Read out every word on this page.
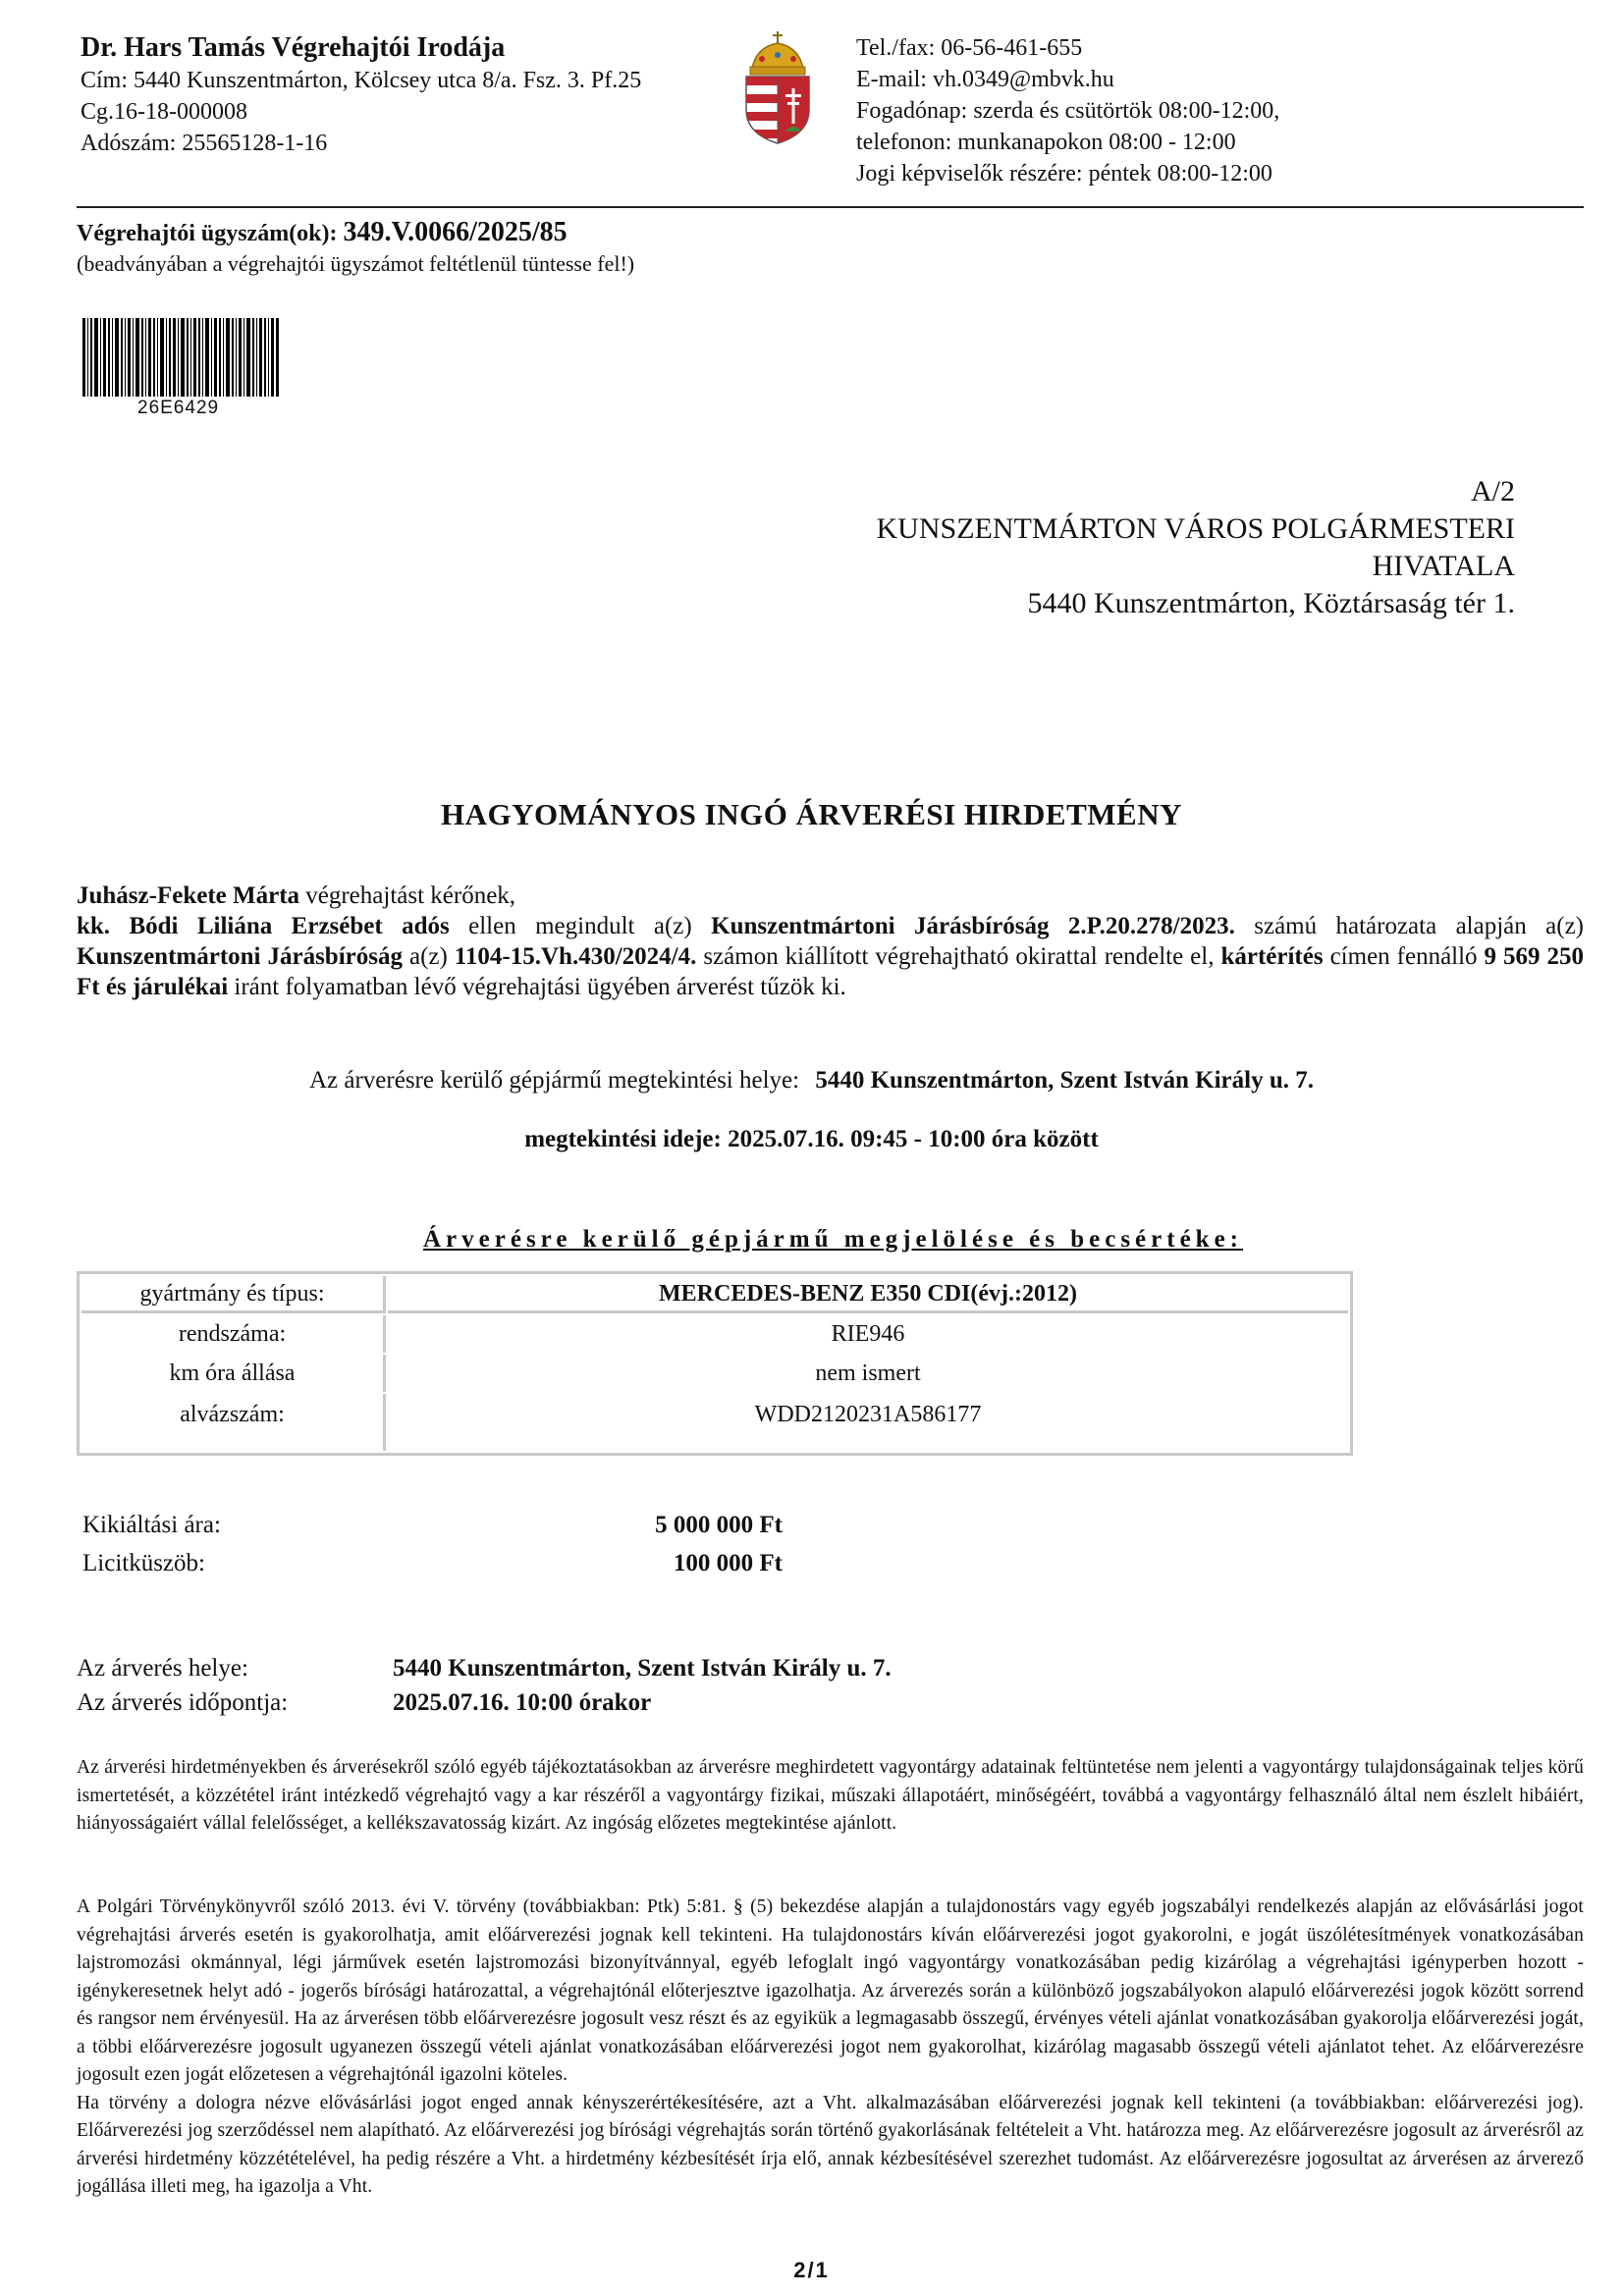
Dr. Hars Tamás Végrehajtói Irodája
Cím: 5440 Kunszentmárton, Kölcsey utca 8/a. Fsz. 3. Pf.25
Cg.16-18-000008
Adószám: 25565128-1-16
Tel./fax: 06-56-461-655
E-mail: vh.0349@mbvk.hu
Fogadónap: szerda és csütörtök 08:00-12:00,
telefonon: munkanapokon 08:00 - 12:00
Jogi képviselők részére: péntek 08:00-12:00
Végrehajtói ügyszám(ok): 349.V.0066/2025/85
(beadványában a végrehajtói ügyszámot feltétlenül tüntesse fel!)
26E6429
A/2
KUNSZENTMÁRTON VÁROS POLGÁRMESTERI
HIVATALA
5440 Kunszentmárton, Köztársaság tér 1.
HAGYOMÁNYOS INGÓ ÁRVERÉSI HIRDETMÉNY
Juhász-Fekete Márta végrehajtást kérőnek,
kk. Bódi Liliána Erzsébet adós ellen megindult a(z) Kunszentmártoni Járásbíróság 2.P.20.278/2023. számú határozata alapján a(z) Kunszentmártoni Járásbíróság a(z) 1104-15.Vh.430/2024/4. számon kiállított végrehajtható okirattal rendelte el, kártérítés címen fennálló 9 569 250 Ft és járulékai iránt folyamatban lévő végrehajtási ügyében árverést tűzök ki.
Az árverésre kerülő gépjármű megtekintési helye: 5440 Kunszentmárton, Szent István Király u. 7.
megtekintési ideje: 2025.07.16. 09:45 - 10:00 óra között
Árverésre kerülő gépjármű megjelölése és becsértéke:
gyártmány és típus:	MERCEDES-BENZ E350 CDI(évj.:2012)
rendszáma:	RIE946
km óra állása	nem ismert
alvázszám:	WDD2120231A586177
Kikiáltási ára:	5 000 000 Ft
Licitküszöb:	100 000 Ft
Az árverés helye:	5440 Kunszentmárton, Szent István Király u. 7.
Az árverés időpontja:	2025.07.16. 10:00 órakor
Az árverési hirdetményekben és árverésekről szóló egyéb tájékoztatásokban az árverésre meghirdetett vagyontárgy adatainak feltüntetése nem jelenti a vagyontárgy tulajdonságainak teljes körű ismertetését, a közzététel iránt intézkedő végrehajtó vagy a kar részéről a vagyontárgy fizikai, műszaki állapotáért, minőségéért, továbbá a vagyontárgy felhasználó által nem észlelt hibáiért, hiányosságaiért vállal felelősséget, a kellékszavatosság kizárt. Az ingóság előzetes megtekintése ajánlott.
A Polgári Törvénykönyvről szóló 2013. évi V. törvény (továbbiakban: Ptk) 5:81. § (5) bekezdése alapján a tulajdonostárs vagy egyéb jogszabályi rendelkezés alapján az elővásárlási jogot végrehajtási árverés esetén is gyakorolhatja, amit előárverezési jognak kell tekinteni. Ha tulajdonostárs kíván előárverezési jogot gyakorolni, e jogát üszólétesítmények vonatkozásában lajstromozási okmánnyal, légi járművek esetén lajstromozási bizonyítvánnyal, egyéb lefoglalt ingó vagyontárgy vonatkozásában pedig kizárólag a végrehajtási igényperben hozott - igénykeresetnek helyt adó - jogerős bírósági határozattal, a végrehajtónál előterjesztve igazolhatja. Az árverezés során a különböző jogszabályokon alapuló előárverezési jogok között sorrend és rangsor nem érvényesül. Ha az árverésen több előárverezésre jogosult vesz részt és az egyikük a legmagasabb összegű, érvényes vételi ajánlat vonatkozásában gyakorolja előárverezési jogát, a többi előárverezésre jogosult ugyanezen összegű vételi ajánlat vonatkozásában előárverezési jogot nem gyakorolhat, kizárólag magasabb összegű vételi ajánlatot tehet. Az előárverezésre jogosult ezen jogát előzetesen a végrehajtónál igazolni köteles.
Ha törvény a dologra nézve elővásárlási jogot enged annak kényszerértékesítésére, azt a Vht. alkalmazásában előárverezési jognak kell tekinteni (a továbbiakban: előárverezési jog). Előárverezési jog szerződéssel nem alapítható. Az előárverezési jog bírósági végrehajtás során történő gyakorlásának feltételeit a Vht. határozza meg. Az előárverezésre jogosult az árverésről az árverési hirdetmény közzétételével, ha pedig részére a Vht. a hirdetmény kézbesítését írja elő, annak kézbesítésével szerezhet tudomást. Az előárverezésre jogosultat az árverésen az árverező jogállása illeti meg, ha igazolja a Vht.
2/1
